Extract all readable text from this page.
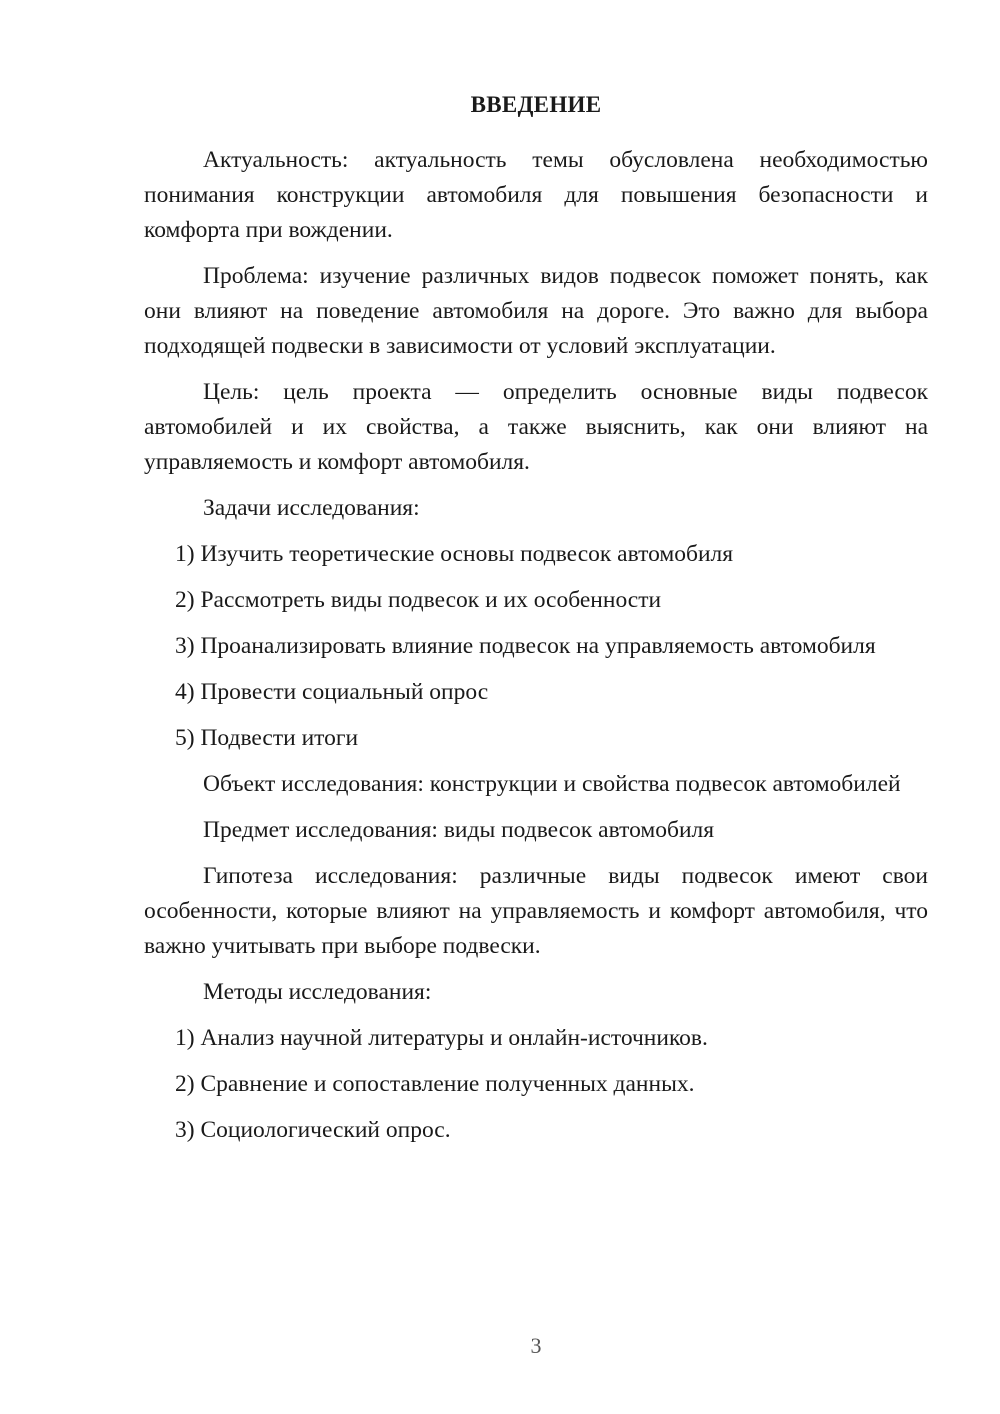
ВВЕДЕНИЕ

Актуальность: актуальность темы обусловлена необходимостью понимания конструкции автомобиля для повышения безопасности и комфорта при вождении.

Проблема: изучение различных видов подвесок поможет понять, как они влияют на поведение автомобиля на дороге. Это важно для выбора подходящей подвески в зависимости от условий эксплуатации.

Цель: цель проекта — определить основные виды подвесок автомобилей и их свойства, а также выяснить, как они влияют на управляемость и комфорт автомобиля.

Задачи исследования:

1) Изучить теоретические основы подвесок автомобиля

2) Рассмотреть виды подвесок и их особенности

3) Проанализировать влияние подвесок на управляемость автомобиля

4) Провести социальный опрос

5) Подвести итоги

Объект исследования: конструкции и свойства подвесок автомобилей

Предмет исследования: виды подвесок автомобиля

Гипотеза исследования: различные виды подвесок имеют свои особенности, которые влияют на управляемость и комфорт автомобиля, что важно учитывать при выборе подвески.

Методы исследования:

1) Анализ научной литературы и онлайн-источников.

2) Сравнение и сопоставление полученных данных.

3) Социологический опрос.

3
